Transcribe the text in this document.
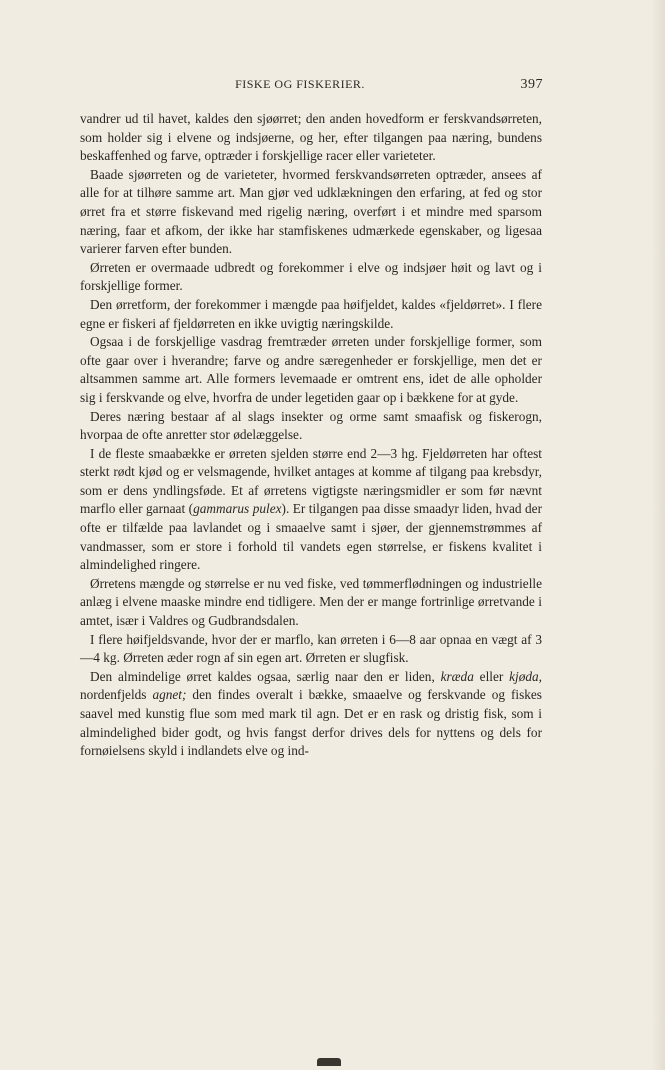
FISKE OG FISKERIER.	397

vandrer ud til havet, kaldes den sjøørret; den anden hovedform er ferskvandsørreten, som holder sig i elvene og indsjøerne, og her, efter tilgangen paa næring, bundens beskaffenhed og farve, optræder i forskjellige racer eller varieteter.

Baade sjøørreten og de varieteter, hvormed ferskvandsørreten optræder, ansees af alle for at tilhøre samme art. Man gjør ved udklækningen den erfaring, at fed og stor ørret fra et større fiskevand med rigelig næring, overført i et mindre med sparsom næring, faar et afkom, der ikke har stamfiskenes udmærkede egenskaber, og ligesaa varierer farven efter bunden.

Ørreten er overmaade udbredt og forekommer i elve og indsjøer høit og lavt og i forskjellige former.

Den ørretform, der forekommer i mængde paa høifjeldet, kaldes «fjeldørret». I flere egne er fiskeri af fjeldørreten en ikke uvigtig næringskilde.

Ogsaa i de forskjellige vasdrag fremtræder ørreten under forskjellige former, som ofte gaar over i hverandre; farve og andre særegenheder er forskjellige, men det er altsammen samme art. Alle formers levemaade er omtrent ens, idet de alle opholder sig i ferskvande og elve, hvorfra de under legetiden gaar op i bækkene for at gyde.

Deres næring bestaar af al slags insekter og orme samt smaafisk og fiskerogn, hvorpaa de ofte anretter stor ødelæggelse.

I de fleste smaabække er ørreten sjelden større end 2—3 hg. Fjeldørreten har oftest sterkt rødt kjød og er velsmagende, hvilket antages at komme af tilgang paa krebsdyr, som er dens yndlingsføde. Et af ørretens vigtigste næringsmidler er som før nævnt marflo eller garnaat (gammarus pulex). Er tilgangen paa disse smaadyr liden, hvad der ofte er tilfælde paa lavlandet og i smaaelve samt i sjøer, der gjennemstrømmes af vandmasser, som er store i forhold til vandets egen størrelse, er fiskens kvalitet i almindelighed ringere.

Ørretens mængde og størrelse er nu ved fiske, ved tømmerflødningen og industrielle anlæg i elvene maaske mindre end tidligere. Men der er mange fortrinlige ørretvande i amtet, især i Valdres og Gudbrandsdalen.

I flere høifjeldsvande, hvor der er marflo, kan ørreten i 6—8 aar opnaa en vægt af 3—4 kg. Ørreten æder rogn af sin egen art. Ørreten er slugfisk.

Den almindelige ørret kaldes ogsaa, særlig naar den er liden, kræda eller kjøda, nordenfjelds agnet; den findes overalt i bække, smaaelve og ferskvande og fiskes saavel med kunstig flue som med mark til agn. Det er en rask og dristig fisk, som i almindelighed bider godt, og hvis fangst derfor drives dels for nyttens og dels for fornøielsens skyld i indlandets elve og ind-
